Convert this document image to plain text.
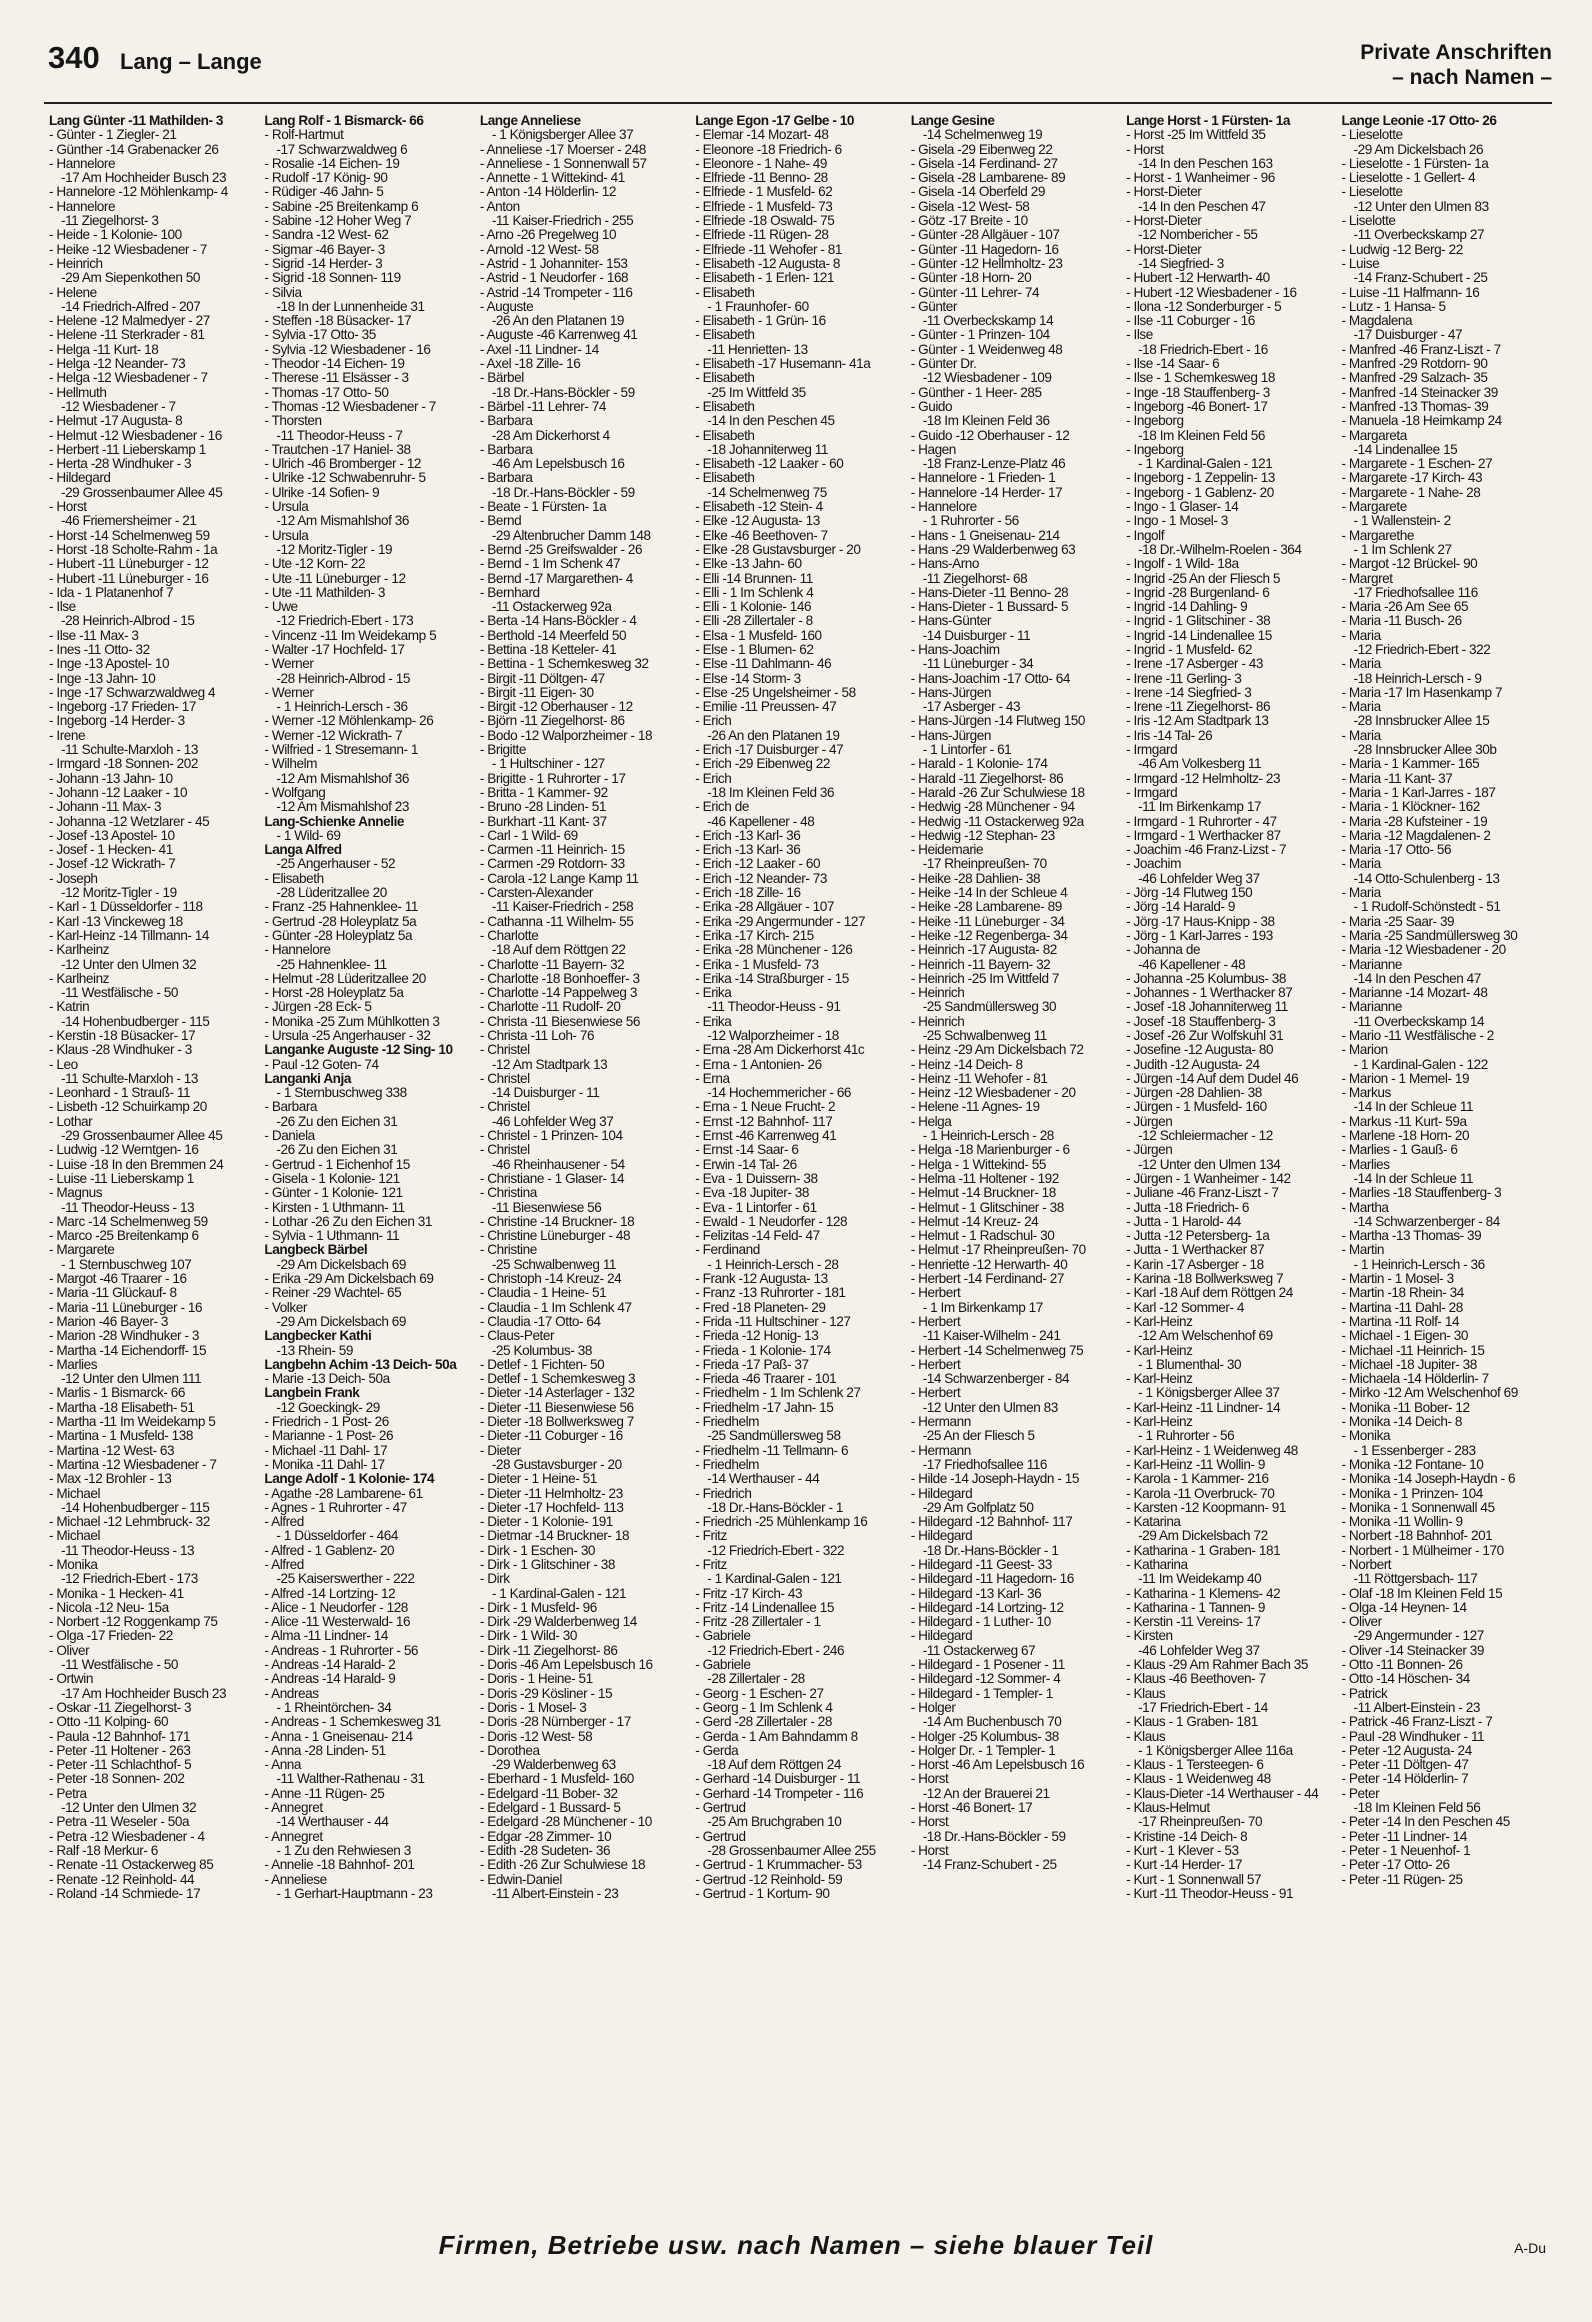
340 Lang – Lange	Private Anschriften
– nach Namen –
Lang Günter -11 Mathilden- 3
- Günter - 1 Ziegler- 21
- Günther -14 Grabenacker 26
- Hannelore
-17 Am Hochheider Busch 23
- Hannelore -12 Möhlenkamp- 4
- Hannelore
-11 Ziegelhorst- 3
- Heide - 1 Kolonie- 100
- Heike -12 Wiesbadener - 7
- Heinrich
-29 Am Siepenkothen 50
- Helene
-14 Friedrich-Alfred - 207
- Helene -12 Malmedyer - 27
- Helene -11 Sterkrader - 81
- Helga -11 Kurt- 18
- Helga -12 Neander- 73
- Helga -12 Wiesbadener - 7
- Hellmuth
-12 Wiesbadener - 7
- Helmut -17 Augusta- 8
- Helmut -12 Wiesbadener - 16
- Herbert -11 Lieberskamp 1
- Herta -28 Windhuker - 3
- Hildegard
-29 Grossenbaumer Allee 45
- Horst
-46 Friemersheimer - 21
- Horst -14 Schelmenweg 59
- Horst -18 Scholte-Rahm - 1a
- Hubert -11 Lüneburger - 12
- Hubert -11 Lüneburger - 16
- Ida - 1 Platanenhof 7
- Ilse
-28 Heinrich-Albrod - 15
- Ilse -11 Max- 3
- Ines -11 Otto- 32
- Inge -13 Apostel- 10
- Inge -13 Jahn- 10
- Inge -17 Schwarzwaldweg 4
- Ingeborg -17 Frieden- 17
- Ingeborg -14 Herder- 3
- Irene
-11 Schulte-Marxloh - 13
- Irmgard -18 Sonnen- 202
- Johann -13 Jahn- 10
- Johann -12 Laaker - 10
- Johann -11 Max- 3
- Johanna -12 Wetzlarer - 45
- Josef -13 Apostel- 10
- Josef - 1 Hecken- 41
- Josef -12 Wickrath- 7
- Joseph
-12 Moritz-Tigler - 19
- Karl - 1 Düsseldorfer - 118
- Karl -13 Vinckeweg 18
- Karl-Heinz -14 Tillmann- 14
- Karlheinz
-12 Unter den Ulmen 32
- Karlheinz
-11 Westfälische - 50
- Katrin
-14 Hohenbudberger - 115
- Kerstin -18 Büsacker- 17
- Klaus -28 Windhuker - 3
- Leo
-11 Schulte-Marxloh - 13
- Leonhard - 1 Strauß- 11
- Lisbeth -12 Schuirkamp 20
- Lothar
-29 Grossenbaumer Allee 45
- Ludwig -12 Werntgen- 16
- Luise -18 In den Bremmen 24
- Luise -11 Lieberskamp 1
- Magnus
-11 Theodor-Heuss - 13
- Marc -14 Schelmenweg 59
- Marco -25 Breitenkamp 6
- Margarete
- 1 Sternbuschweg 107
- Margot -46 Traarer - 16
- Maria -11 Glückauf- 8
- Maria -11 Lüneburger - 16
- Marion -46 Bayer- 3
- Marion -28 Windhuker - 3
- Martha -14 Eichendorff- 15
- Marlies
-12 Unter den Ulmen 111
- Marlis - 1 Bismarck- 66
- Martha -18 Elisabeth- 51
- Martha -11 Im Weidekamp 5
- Martina - 1 Musfeld- 138
- Martina -12 West- 63
- Martina -12 Wiesbadener - 7
- Max -12 Brohler - 13
- Michael
-14 Hohenbudberger - 115
- Michael -12 Lehmbruck- 32
- Michael
-11 Theodor-Heuss - 13
- Monika
-12 Friedrich-Ebert - 173
- Monika - 1 Hecken- 41
- Nicola -12 Neu- 15a
- Norbert -12 Roggenkamp 75
- Olga -17 Frieden- 22
- Oliver
-11 Westfälische - 50
- Ortwin
-17 Am Hochheider Busch 23
- Oskar -11 Ziegelhorst- 3
- Otto -11 Kolping- 60
- Paula -12 Bahnhof- 171
- Peter -11 Holtener - 263
- Peter -11 Schlachthof- 5
- Peter -18 Sonnen- 202
- Petra
-12 Unter den Ulmen 32
- Petra -11 Weseler - 50a
- Petra -12 Wiesbadener - 4
- Ralf -18 Merkur- 6
- Renate -11 Ostackerweg 85
- Renate -12 Reinhold- 44
- Roland -14 Schmiede- 17
Lang Rolf - 1 Bismarck- 66
- Rolf-Hartmut
-17 Schwarzwaldweg 6
- Rosalie -14 Eichen- 19
- Rudolf -17 König- 90
- Rüdiger -46 Jahn- 5
- Sabine -25 Breitenkamp 6
- Sabine -12 Hoher Weg 7
- Sandra -12 West- 62
- Sigmar -46 Bayer- 3
- Sigrid -14 Herder- 3
- Sigrid -18 Sonnen- 119
- Silvia
-18 In der Lunnenheide 31
- Steffen -18 Büsacker- 17
- Sylvia -17 Otto- 35
- Sylvia -12 Wiesbadener - 16
- Theodor -14 Eichen- 19
- Therese -11 Elsässer - 3
- Thomas -17 Otto- 50
- Thomas -12 Wiesbadener - 7
- Thorsten
-11 Theodor-Heuss - 7
- Trautchen -17 Haniel- 38
- Ulrich -46 Bromberger - 12
- Ulrike -12 Schwabenruhr- 5
- Ulrike -14 Sofien- 9
- Ursula
-12 Am Mismahlshof 36
- Ursula
-12 Moritz-Tigler - 19
- Ute -12 Korn- 22
- Ute -11 Lüneburger - 12
- Ute -11 Mathilden- 3
- Uwe
-12 Friedrich-Ebert - 173
- Vincenz -11 Im Weidekamp 5
- Walter -17 Hochfeld- 17
- Werner
-28 Heinrich-Albrod - 15
- Werner
- 1 Heinrich-Lersch - 36
- Werner -12 Möhlenkamp- 26
- Werner -12 Wickrath- 7
- Wilfried - 1 Stresemann- 1
- Wilhelm
-12 Am Mismahlshof 36
- Wolfgang
-12 Am Mismahlshof 23
Lang-Schienke Annelie
- 1 Wild- 69
Langa Alfred
-25 Angerhauser - 52
- Elisabeth
-28 Lüderitzallee 20
- Franz -25 Hahnenklee- 11
- Gertrud -28 Holeyplatz 5a
- Günter -28 Holeyplatz 5a
- Hannelore
-25 Hahnenklee- 11
- Helmut -28 Lüderitzallee 20
- Horst -28 Holeyplatz 5a
- Jürgen -28 Eck- 5
- Monika -25 Zum Mühlkotten 3
- Ursula -25 Angerhauser - 32
Langanke Auguste -12 Sing- 10
- Paul -12 Goten- 74
Langanki Anja
- 1 Sternbuschweg 338
- Barbara
-26 Zu den Eichen 31
- Daniela
-26 Zu den Eichen 31
- Gertrud - 1 Eichenhof 15
- Gisela - 1 Kolonie- 121
- Günter - 1 Kolonie- 121
- Kirsten - 1 Uthmann- 11
- Lothar -26 Zu den Eichen 31
- Sylvia - 1 Uthmann- 11
Langbeck Bärbel
-29 Am Dickelsbach 69
- Erika -29 Am Dickelsbach 69
- Reiner -29 Wachtel- 65
- Volker
-29 Am Dickelsbach 69
Langbecker Kathi
-13 Rhein- 59
Langbehn Achim -13 Deich- 50a
- Marie -13 Deich- 50a
Langbein Frank
-12 Goeckingk- 29
- Friedrich - 1 Post- 26
- Marianne - 1 Post- 26
- Michael -11 Dahl- 17
- Monika -11 Dahl- 17
Lange Adolf - 1 Kolonie- 174
- Agathe -28 Lambarene- 61
- Agnes - 1 Ruhrorter - 47
- Alfred
- 1 Düsseldorfer - 464
- Alfred - 1 Gablenz- 20
- Alfred
-25 Kaiserswerther - 222
- Alfred -14 Lortzing- 12
- Alice - 1 Neudorfer - 128
- Alice -11 Westerwald- 16
- Alma -11 Lindner- 14
- Andreas - 1 Ruhrorter - 56
- Andreas -14 Harald- 2
- Andreas -14 Harald- 9
- Andreas
- 1 Rheintörchen- 34
- Andreas - 1 Schemkesweg 31
- Anna - 1 Gneisenau- 214
- Anna -28 Linden- 51
- Anna
-11 Walther-Rathenau - 31
- Anne -11 Rügen- 25
- Annegret
-14 Werthauser - 44
- Annegret
- 1 Zu den Rehwiesen 3
- Annelie -18 Bahnhof- 201
- Anneliese
- 1 Gerhart-Hauptmann - 23
Lange Anneliese
- 1 Königsberger Allee 37
- Anneliese -17 Moerser - 248
- Anneliese - 1 Sonnenwall 57
- Annette - 1 Wittekind- 41
- Anton -14 Hölderlin- 12
- Anton
-11 Kaiser-Friedrich - 255
- Arno -26 Pregelweg 10
- Arnold -12 West- 58
- Astrid - 1 Johanniter- 153
- Astrid - 1 Neudorfer - 168
- Astrid -14 Trompeter - 116
- Auguste
-26 An den Platanen 19
- Auguste -46 Karrenweg 41
- Axel -11 Lindner- 14
- Axel -18 Zille- 16
- Bärbel
-18 Dr.-Hans-Böckler - 59
- Bärbel -11 Lehrer- 74
- Barbara
-28 Am Dickerhorst 4
- Barbara
-46 Am Lepelsbusch 16
- Barbara
-18 Dr.-Hans-Böckler - 59
- Beate - 1 Fürsten- 1a
- Bernd
-29 Altenbrucher Damm 148
- Bernd -25 Greifswalder - 26
- Bernd - 1 Im Schenk 47
- Bernd -17 Margarethen- 4
- Bernhard
-11 Ostackerweg 92a
- Berta -14 Hans-Böckler - 4
- Berthold -14 Meerfeld 50
- Bettina -18 Ketteler- 41
- Bettina - 1 Schemkesweg 32
- Birgit -11 Döltgen- 47
- Birgit -11 Eigen- 30
- Birgit -12 Oberhauser - 12
- Björn -11 Ziegelhorst- 86
- Bodo -12 Walporzheimer - 18
- Brigitte
- 1 Hultschiner - 127
- Brigitte - 1 Ruhrorter - 17
- Britta - 1 Kammer- 92
- Bruno -28 Linden- 51
- Burkhart -11 Kant- 37
- Carl - 1 Wild- 69
- Carmen -11 Heinrich- 15
- Carmen -29 Rotdorn- 33
- Carola -12 Lange Kamp 11
- Carsten-Alexander
-11 Kaiser-Friedrich - 258
- Cathanna -11 Wilhelm- 55
- Charlotte
-18 Auf dem Röttgen 22
- Charlotte -11 Bayern- 32
- Charlotte -18 Bonhoeffer- 3
- Charlotte -14 Pappelweg 3
- Charlotte -11 Rudolf- 20
- Christa -11 Biesenwiese 56
- Christa -11 Loh- 76
- Christel
-12 Am Stadtpark 13
- Christel
-14 Duisburger - 11
- Christel
-46 Lohfelder Weg 37
- Christel - 1 Prinzen- 104
- Christel
-46 Rheinhausener - 54
- Christiane - 1 Glaser- 14
- Christina
-11 Biesenwiese 56
- Christine -14 Bruckner- 18
- Christine Lüneburger - 48
- Christine
-25 Schwalbenweg 11
- Christoph -14 Kreuz- 24
- Claudia - 1 Heine- 51
- Claudia - 1 Im Schlenk 47
- Claudia -17 Otto- 64
- Claus-Peter
-25 Kolumbus- 38
- Detlef - 1 Fichten- 50
- Detlef - 1 Schemkesweg 3
- Dieter -14 Asterlager - 132
- Dieter -11 Biesenwiese 56
- Dieter -18 Bollwerksweg 7
- Dieter -11 Coburger - 16
- Dieter
-28 Gustavsburger - 20
- Dieter - 1 Heine- 51
- Dieter -11 Helmholtz- 23
- Dieter -17 Hochfeld- 113
- Dieter - 1 Kolonie- 191
- Dietmar -14 Bruckner- 18
- Dirk - 1 Eschen- 30
- Dirk - 1 Glitschiner - 38
- Dirk
- 1 Kardinal-Galen - 121
- Dirk - 1 Musfeld- 96
- Dirk -29 Walderbenweg 14
- Dirk - 1 Wild- 30
- Dirk -11 Ziegelhorst- 86
- Doris -46 Am Lepelsbusch 16
- Doris - 1 Heine- 51
- Doris -29 Kösliner - 15
- Doris - 1 Mosel- 3
- Doris -28 Nürnberger - 17
- Doris -12 West- 58
- Dorothea
-29 Walderbenweg 63
- Eberhard - 1 Musfeld- 160
- Edelgard -11 Bober- 32
- Edelgard - 1 Bussard- 5
- Edelgard -28 Münchener - 10
- Edgar -28 Zimmer- 10
- Edith -28 Sudeten- 36
- Edith -26 Zur Schulwiese 18
- Edwin-Daniel
-11 Albert-Einstein - 23
Lange Egon -17 Gelbe - 10
- Elemar -14 Mozart- 48
- Eleonore -18 Friedrich- 6
- Eleonore - 1 Nahe- 49
- Elfriede -11 Benno- 28
- Elfriede - 1 Musfeld- 62
- Elfriede - 1 Musfeld- 73
- Elfriede -18 Oswald- 75
- Elfriede -11 Rügen- 28
- Elfriede -11 Wehofer - 81
- Elisabeth -12 Augusta- 8
- Elisabeth - 1 Erlen- 121
- Elisabeth
- 1 Fraunhofer- 60
- Elisabeth - 1 Grün- 16
- Elisabeth
-11 Henrietten- 13
- Elisabeth -17 Husemann- 41a
- Elisabeth
-25 Im Wittfeld 35
- Elisabeth
-14 In den Peschen 45
- Elisabeth
-18 Johanniterweg 11
- Elisabeth -12 Laaker - 60
- Elisabeth
-14 Schelmenweg 75
- Elisabeth -12 Stein- 4
- Elke -12 Augusta- 13
- Elke -46 Beethoven- 7
- Elke -28 Gustavsburger - 20
- Elke -13 Jahn- 60
- Elli -14 Brunnen- 11
- Elli - 1 Im Schlenk 4
- Elli - 1 Kolonie- 146
- Elli -28 Zillertaler - 8
- Elsa - 1 Musfeld- 160
- Else - 1 Blumen- 62
- Else -11 Dahlmann- 46
- Else -14 Storm- 3
- Else -25 Ungelsheimer - 58
- Emilie -11 Preussen- 47
- Erich
-26 An den Platanen 19
- Erich -17 Duisburger - 47
- Erich -29 Eibenweg 22
- Erich
-18 Im Kleinen Feld 36
- Erich de
-46 Kapellener - 48
- Erich -13 Karl- 36
- Erich -13 Karl- 36
- Erich -12 Laaker - 60
- Erich -12 Neander- 73
- Erich -18 Zille- 16
- Erika -28 Allgäuer - 107
- Erika -29 Angermunder - 127
- Erika -17 Kirch- 215
- Erika -28 Münchener - 126
- Erika - 1 Musfeld- 73
- Erika -14 Straßburger - 15
- Erika
-11 Theodor-Heuss - 91
- Erika
-12 Walporzheimer - 18
- Erna -28 Am Dickerhorst 41c
- Erna - 1 Antonien- 26
- Erna
-14 Hochemmericher - 66
- Erna - 1 Neue Frucht- 2
- Ernst -12 Bahnhof- 117
- Ernst -46 Karrenweg 41
- Ernst -14 Saar- 6
- Erwin -14 Tal- 26
- Eva - 1 Duissern- 38
- Eva -18 Jupiter- 38
- Eva - 1 Lintorfer - 61
- Ewald - 1 Neudorfer - 128
- Felizitas -14 Feld- 47
- Ferdinand
- 1 Heinrich-Lersch - 28
- Frank -12 Augusta- 13
- Franz -13 Ruhrorter - 181
- Fred -18 Planeten- 29
- Frida -11 Hultschiner - 127
- Frieda -12 Honig- 13
- Frieda - 1 Kolonie- 174
- Frieda -17 Paß- 37
- Frieda -46 Traarer - 101
- Friedhelm - 1 Im Schlenk 27
- Friedhelm -17 Jahn- 15
- Friedhelm
-25 Sandmüllersweg 58
- Friedhelm -11 Tellmann- 6
- Friedhelm
-14 Werthauser - 44
- Friedrich
-18 Dr.-Hans-Böckler - 1
- Friedrich -25 Mühlenkamp 16
- Fritz
-12 Friedrich-Ebert - 322
- Fritz
- 1 Kardinal-Galen - 121
- Fritz -17 Kirch- 43
- Fritz -14 Lindenallee 15
- Fritz -28 Zillertaler - 1
- Gabriele
-12 Friedrich-Ebert - 246
- Gabriele
-28 Zillertaler - 28
- Georg - 1 Eschen- 27
- Georg - 1 Im Schlenk 4
- Gerd -28 Zillertaler - 28
- Gerda - 1 Am Bahndamm 8
- Gerda
-18 Auf dem Röttgen 24
- Gerhard -14 Duisburger - 11
- Gerhard -14 Trompeter - 116
- Gertrud
-25 Am Bruchgraben 10
- Gertrud
-28 Grossenbaumer Allee 255
- Gertrud - 1 Krummacher- 53
- Gertrud -12 Reinhold- 59
- Gertrud - 1 Kortum- 90
Lange Gesine
-14 Schelmenweg 19
- Gisela -29 Eibenweg 22
- Gisela -14 Ferdinand- 27
- Gisela -28 Lambarene- 89
- Gisela -14 Oberfeld 29
- Gisela -12 West- 58
- Götz -17 Breite - 10
- Günter -28 Allgäuer - 107
- Günter -11 Hagedorn- 16
- Günter -12 Hellmholtz- 23
- Günter -18 Horn- 20
- Günter -11 Lehrer- 74
- Günter
-11 Overbeckskamp 14
- Günter - 1 Prinzen- 104
- Günter - 1 Weidenweg 48
- Günter Dr.
-12 Wiesbadener - 109
- Günther - 1 Heer- 285
- Guido
-18 Im Kleinen Feld 36
- Guido -12 Oberhauser - 12
- Hagen
-18 Franz-Lenze-Platz 46
- Hannelore - 1 Frieden- 1
- Hannelore -14 Herder- 17
- Hannelore
- 1 Ruhrorter - 56
- Hans - 1 Gneisenau- 214
- Hans -29 Walderbenweg 63
- Hans-Arno
-11 Ziegelhorst- 68
- Hans-Dieter -11 Benno- 28
- Hans-Dieter - 1 Bussard- 5
- Hans-Günter
-14 Duisburger - 11
- Hans-Joachim
-11 Lüneburger - 34
- Hans-Joachim -17 Otto- 64
- Hans-Jürgen
-17 Asberger - 43
- Hans-Jürgen -14 Flutweg 150
- Hans-Jürgen
- 1 Lintorfer - 61
- Harald - 1 Kolonie- 174
- Harald -11 Ziegelhorst- 86
- Harald -26 Zur Schulwiese 18
- Hedwig -28 Münchener - 94
- Hedwig -11 Ostackerweg 92a
- Hedwig -12 Stephan- 23
- Heidemarie
-17 Rheinpreußen- 70
- Heike -28 Dahlien- 38
- Heike -14 In der Schleue 4
- Heike -28 Lambarene- 89
- Heike -11 Lüneburger - 34
- Heike -12 Regenberga- 34
- Heinrich -17 Augusta- 82
- Heinrich -11 Bayern- 32
- Heinrich -25 Im Wittfeld 7
- Heinrich
-25 Sandmüllersweg 30
- Heinrich
-25 Schwalbenweg 11
- Heinz -29 Am Dickelsbach 72
- Heinz -14 Deich- 8
- Heinz -11 Wehofer - 81
- Heinz -12 Wiesbadener - 20
- Helene -11 Agnes- 19
- Helga
- 1 Heinrich-Lersch - 28
- Helga -18 Marienburger - 6
- Helga - 1 Wittekind- 55
- Helma -11 Holtener - 192
- Helmut -14 Bruckner- 18
- Helmut - 1 Glitschiner - 38
- Helmut -14 Kreuz- 24
- Helmut - 1 Radschul- 30
- Helmut -17 Rheinpreußen- 70
- Henriette -12 Herwarth- 40
- Herbert -14 Ferdinand- 27
- Herbert
- 1 Im Birkenkamp 17
- Herbert
-11 Kaiser-Wilhelm - 241
- Herbert -14 Schelmenweg 75
- Herbert
-14 Schwarzenberger - 84
- Herbert
-12 Unter den Ulmen 83
- Hermann
-25 An der Fliesch 5
- Hermann
-17 Friedhofsallee 116
- Hilde -14 Joseph-Haydn - 15
- Hildegard
-29 Am Golfplatz 50
- Hildegard -12 Bahnhof- 117
- Hildegard
-18 Dr.-Hans-Böckler - 1
- Hildegard -11 Geest- 33
- Hildegard -11 Hagedorn- 16
- Hildegard -13 Karl- 36
- Hildegard -14 Lortzing- 12
- Hildegard - 1 Luther- 10
- Hildegard
-11 Ostackerweg 67
- Hildegard - 1 Posener - 11
- Hildegard -12 Sommer- 4
- Hildegard - 1 Templer- 1
- Holger
-14 Am Buchenbusch 70
- Holger -25 Kolumbus- 38
- Holger Dr. - 1 Templer- 1
- Horst -46 Am Lepelsbusch 16
- Horst
-12 An der Brauerei 21
- Horst -46 Bonert- 17
- Horst
-18 Dr.-Hans-Böckler - 59
- Horst
-14 Franz-Schubert - 25
Lange Horst - 1 Fürsten- 1a
- Horst -25 Im Wittfeld 35
- Horst
-14 In den Peschen 163
- Horst - 1 Wanheimer - 96
- Horst-Dieter
-14 In den Peschen 47
- Horst-Dieter
-12 Nombericher - 55
- Horst-Dieter
-14 Siegfried- 3
- Hubert -12 Herwarth- 40
- Hubert -12 Wiesbadener - 16
- Ilona -12 Sonderburger - 5
- Ilse -11 Coburger - 16
- Ilse
-18 Friedrich-Ebert - 16
- Ilse -14 Saar- 6
- Ilse - 1 Schemkesweg 18
- Inge -18 Stauffenberg- 3
- Ingeborg -46 Bonert- 17
- Ingeborg
-18 Im Kleinen Feld 56
- Ingeborg
- 1 Kardinal-Galen - 121
- Ingeborg - 1 Zeppelin- 13
- Ingeborg - 1 Gablenz- 20
- Ingo - 1 Glaser- 14
- Ingo - 1 Mosel- 3
- Ingolf
-18 Dr.-Wilhelm-Roelen - 364
- Ingolf - 1 Wild- 18a
- Ingrid -25 An der Fliesch 5
- Ingrid -28 Burgenland- 6
- Ingrid -14 Dahling- 9
- Ingrid - 1 Glitschiner - 38
- Ingrid -14 Lindenallee 15
- Ingrid - 1 Musfeld- 62
- Irene -17 Asberger - 43
- Irene -11 Gerling- 3
- Irene -14 Siegfried- 3
- Irene -11 Ziegelhorst- 86
- Iris -12 Am Stadtpark 13
- Iris -14 Tal- 26
- Irmgard
-46 Am Volkesberg 11
- Irmgard -12 Helmholtz- 23
- Irmgard
-11 Im Birkenkamp 17
- Irmgard - 1 Ruhrorter - 47
- Irmgard - 1 Werthacker 87
- Joachim -46 Franz-Lizst - 7
- Joachim
-46 Lohfelder Weg 37
- Jörg -14 Flutweg 150
- Jörg -14 Harald- 9
- Jörg -17 Haus-Knipp - 38
- Jörg - 1 Karl-Jarres - 193
- Johanna de
-46 Kapellener - 48
- Johanna -25 Kolumbus- 38
- Johannes - 1 Werthacker 87
- Josef -18 Johanniterweg 11
- Josef -18 Stauffenberg- 3
- Josef -26 Zur Wolfskuhl 31
- Josefine -12 Augusta- 80
- Judith -12 Augusta- 24
- Jürgen -14 Auf dem Dudel 46
- Jürgen -28 Dahlien- 38
- Jürgen - 1 Musfeld- 160
- Jürgen
-12 Schleiermacher - 12
- Jürgen
-12 Unter den Ulmen 134
- Jürgen - 1 Wanheimer - 142
- Juliane -46 Franz-Liszt - 7
- Jutta -18 Friedrich- 6
- Jutta - 1 Harold- 44
- Jutta -12 Petersberg- 1a
- Jutta - 1 Werthacker 87
- Karin -17 Asberger - 18
- Karina -18 Bollwerksweg 7
- Karl -18 Auf dem Röttgen 24
- Karl -12 Sommer- 4
- Karl-Heinz
-12 Am Welschenhof 69
- Karl-Heinz
- 1 Blumenthal- 30
- Karl-Heinz
- 1 Königsberger Allee 37
- Karl-Heinz -11 Lindner- 14
- Karl-Heinz
- 1 Ruhrorter - 56
- Karl-Heinz - 1 Weidenweg 48
- Karl-Heinz -11 Wollin- 9
- Karola - 1 Kammer- 216
- Karola -11 Overbruck- 70
- Karsten -12 Koopmann- 91
- Katarina
-29 Am Dickelsbach 72
- Katharina - 1 Graben- 181
- Katharina
-11 Im Weidekamp 40
- Katharina - 1 Klemens- 42
- Katharina - 1 Tannen- 9
- Kerstin -11 Vereins- 17
- Kirsten
-46 Lohfelder Weg 37
- Klaus -29 Am Rahmer Bach 35
- Klaus -46 Beethoven- 7
- Klaus
-17 Friedrich-Ebert - 14
- Klaus - 1 Graben- 181
- Klaus
- 1 Königsberger Allee 116a
- Klaus - 1 Tersteegen- 6
- Klaus - 1 Weidenweg 48
- Klaus-Dieter -14 Werthauser - 44
- Klaus-Helmut
-17 Rheinpreußen- 70
- Kristine -14 Deich- 8
- Kurt - 1 Klever - 53
- Kurt -14 Herder- 17
- Kurt - 1 Sonnenwall 57
- Kurt -11 Theodor-Heuss - 91
Lange Leonie -17 Otto- 26
- Lieselotte
-29 Am Dickelsbach 26
- Lieselotte - 1 Fürsten- 1a
- Lieselotte - 1 Gellert- 4
- Lieselotte
-12 Unter den Ulmen 83
- Liselotte
-11 Overbeckskamp 27
- Ludwig -12 Berg- 22
- Luise
-14 Franz-Schubert - 25
- Luise -11 Halfmann- 16
- Lutz - 1 Hansa- 5
- Magdalena
-17 Duisburger - 47
- Manfred -46 Franz-Liszt - 7
- Manfred -29 Rotdorn- 90
- Manfred -29 Salzach- 35
- Manfred -14 Steinacker 39
- Manfred -13 Thomas- 39
- Manuela -18 Heimkamp 24
- Margareta
-14 Lindenallee 15
- Margarete - 1 Eschen- 27
- Margarete -17 Kirch- 43
- Margarete - 1 Nahe- 28
- Margarete
- 1 Wallenstein- 2
- Margarethe
- 1 Im Schlenk 27
- Margot -12 Brückel- 90
- Margret
-17 Friedhofsallee 116
- Maria -26 Am See 65
- Maria -11 Busch- 26
- Maria
-12 Friedrich-Ebert - 322
- Maria
-18 Heinrich-Lersch - 9
- Maria -17 Im Hasenkamp 7
- Maria
-28 Innsbrucker Allee 15
- Maria
-28 Innsbrucker Allee 30b
- Maria - 1 Kammer- 165
- Maria -11 Kant- 37
- Maria - 1 Karl-Jarres - 187
- Maria - 1 Klöckner- 162
- Maria -28 Kufsteiner - 19
- Maria -12 Magdalenen- 2
- Maria -17 Otto- 56
- Maria
-14 Otto-Schulenberg - 13
- Maria
- 1 Rudolf-Schönstedt - 51
- Maria -25 Saar- 39
- Maria -25 Sandmüllersweg 30
- Maria -12 Wiesbadener - 20
- Marianne
-14 In den Peschen 47
- Marianne -14 Mozart- 48
- Marianne
-11 Overbeckskamp 14
- Mario -11 Westfälische - 2
- Marion
- 1 Kardinal-Galen - 122
- Marion - 1 Memel- 19
- Markus
-14 In der Schleue 11
- Markus -11 Kurt- 59a
- Marlene -18 Horn- 20
- Marlies - 1 Gauß- 6
- Marlies
-14 In der Schleue 11
- Marlies -18 Stauffenberg- 3
- Martha
-14 Schwarzenberger - 84
- Martha -13 Thomas- 39
- Martin
- 1 Heinrich-Lersch - 36
- Martin - 1 Mosel- 3
- Martin -18 Rhein- 34
- Martina -11 Dahl- 28
- Martina -11 Rolf- 14
- Michael - 1 Eigen- 30
- Michael -11 Heinrich- 15
- Michael -18 Jupiter- 38
- Michaela -14 Hölderlin- 7
- Mirko -12 Am Welschenhof 69
- Monika -11 Bober- 12
- Monika -14 Deich- 8
- Monika
- 1 Essenberger - 283
- Monika -12 Fontane- 10
- Monika -14 Joseph-Haydn - 6
- Monika - 1 Prinzen- 104
- Monika - 1 Sonnenwall 45
- Monika -11 Wollin- 9
- Norbert -18 Bahnhof- 201
- Norbert - 1 Mülheimer - 170
- Norbert
-11 Röttgersbach- 117
- Olaf -18 Im Kleinen Feld 15
- Olga -14 Heynen- 14
- Oliver
-29 Angermunder - 127
- Oliver -14 Steinacker 39
- Otto -11 Bonnen- 26
- Otto -14 Höschen- 34
- Patrick
-11 Albert-Einstein - 23
- Patrick -46 Franz-Liszt - 7
- Paul -28 Windhuker - 11
- Peter -12 Augusta- 24
- Peter -11 Döltgen- 47
- Peter -14 Hölderlin- 7
- Peter
-18 Im Kleinen Feld 56
- Peter -14 In den Peschen 45
- Peter -11 Lindner- 14
- Peter - 1 Neuenhof- 1
- Peter -17 Otto- 26
- Peter -11 Rügen- 25
Firmen, Betriebe usw. nach Namen – siehe blauer Teil	A-Du
